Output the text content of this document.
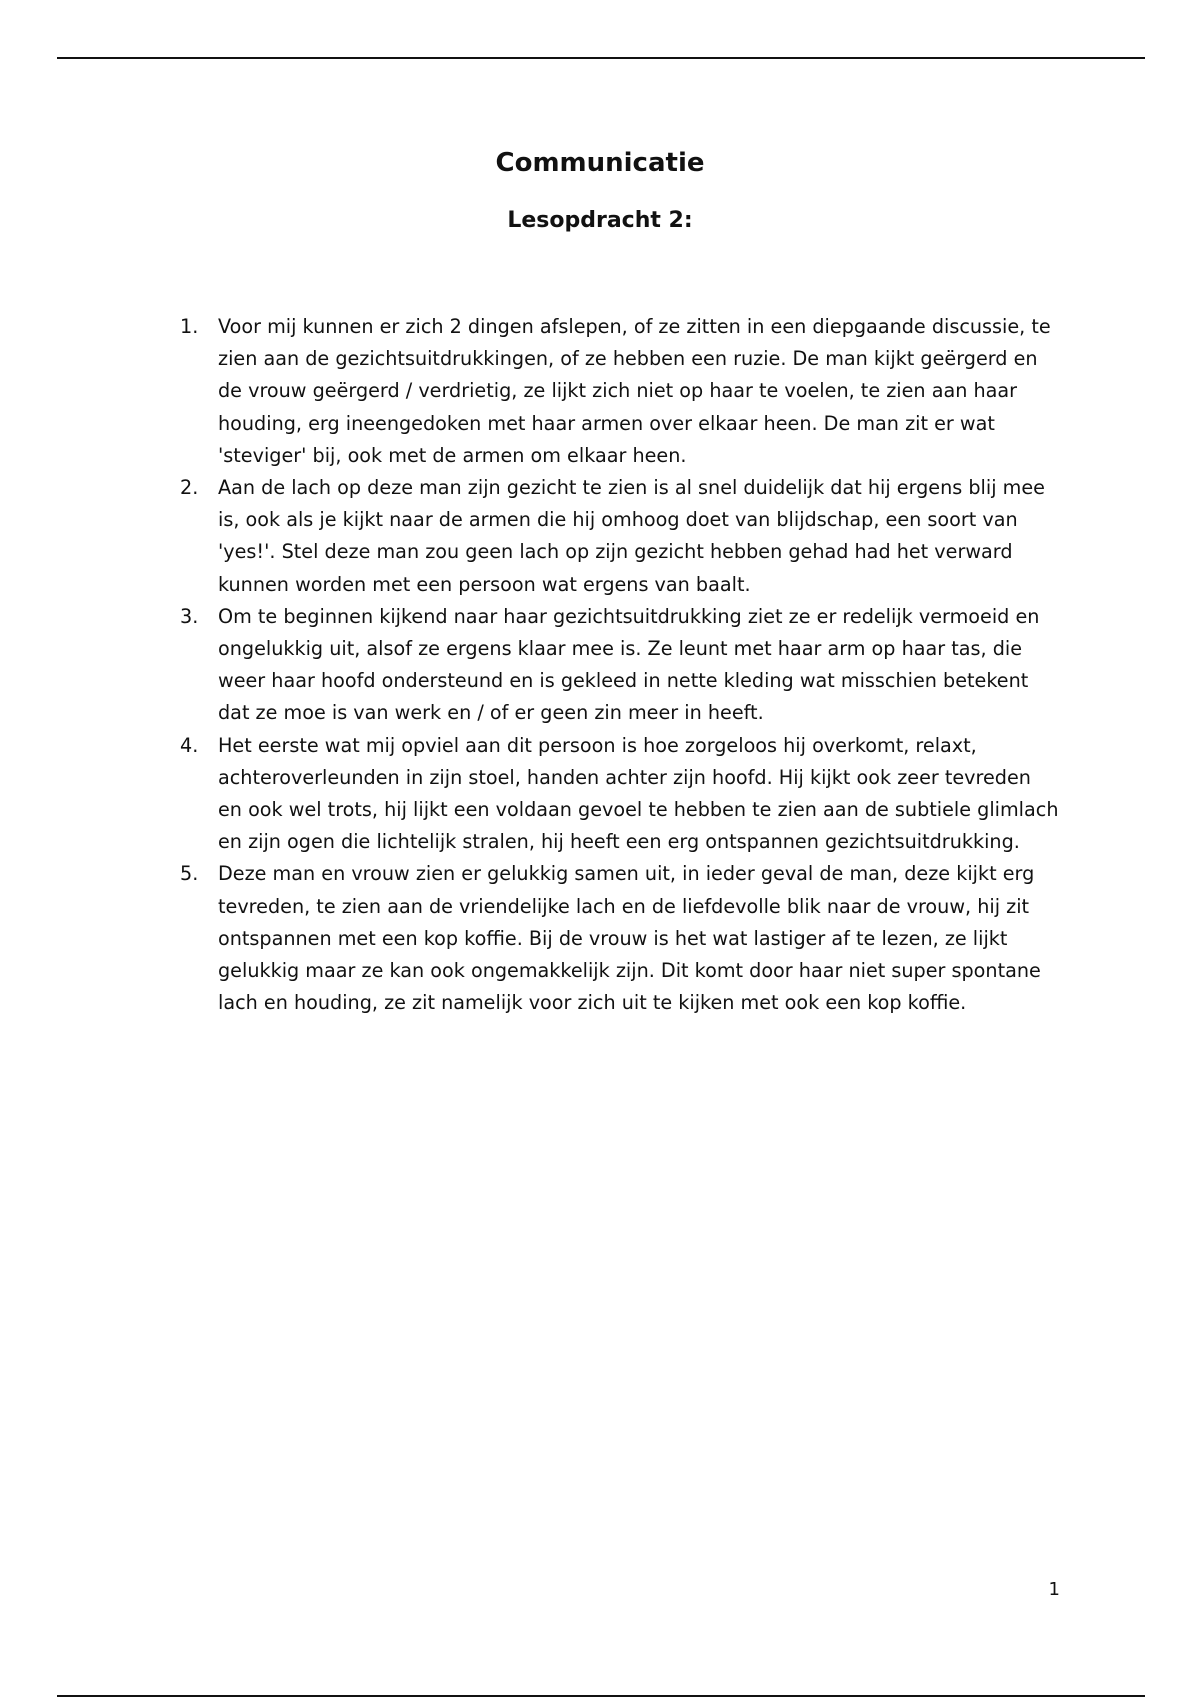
Communicatie
Lesopdracht 2:
1.	Voor mij kunnen er zich 2 dingen afslepen, of ze zitten in een diepgaande discussie, te zien aan de gezichtsuitdrukkingen, of ze hebben een ruzie. De man kijkt geërgerd en de vrouw geërgerd / verdrietig, ze lijkt zich niet op haar te voelen, te zien aan haar houding, erg ineengedoken met haar armen over elkaar heen. De man zit er wat 'steviger' bij, ook met de armen om elkaar heen.
2.	Aan de lach op deze man zijn gezicht te zien is al snel duidelijk dat hij ergens blij mee is, ook als je kijkt naar de armen die hij omhoog doet van blijdschap, een soort van 'yes!'. Stel deze man zou geen lach op zijn gezicht hebben gehad had het verward kunnen worden met een persoon wat ergens van baalt.
3.	Om te beginnen kijkend naar haar gezichtsuitdrukking ziet ze er redelijk vermoeid en ongelukkig uit, alsof ze ergens klaar mee is. Ze leunt met haar arm op haar tas, die weer haar hoofd ondersteund en is gekleed in nette kleding wat misschien betekent dat ze moe is van werk en / of er geen zin meer in heeft.
4.	Het eerste wat mij opviel aan dit persoon is hoe zorgeloos hij overkomt, relaxt, achteroverleunden in zijn stoel, handen achter zijn hoofd. Hij kijkt ook zeer tevreden en ook wel trots, hij lijkt een voldaan gevoel te hebben te zien aan de subtiele glimlach en zijn ogen die lichtelijk stralen, hij heeft een erg ontspannen gezichtsuitdrukking.
5.	Deze man en vrouw zien er gelukkig samen uit, in ieder geval de man, deze kijkt erg tevreden, te zien aan de vriendelijke lach en de liefdevolle blik naar de vrouw, hij zit ontspannen met een kop koffie. Bij de vrouw is het wat lastiger af te lezen, ze lijkt gelukkig maar ze kan ook ongemakkelijk zijn. Dit komt door haar niet super spontane lach en houding, ze zit namelijk voor zich uit te kijken met ook een kop koffie.
1
